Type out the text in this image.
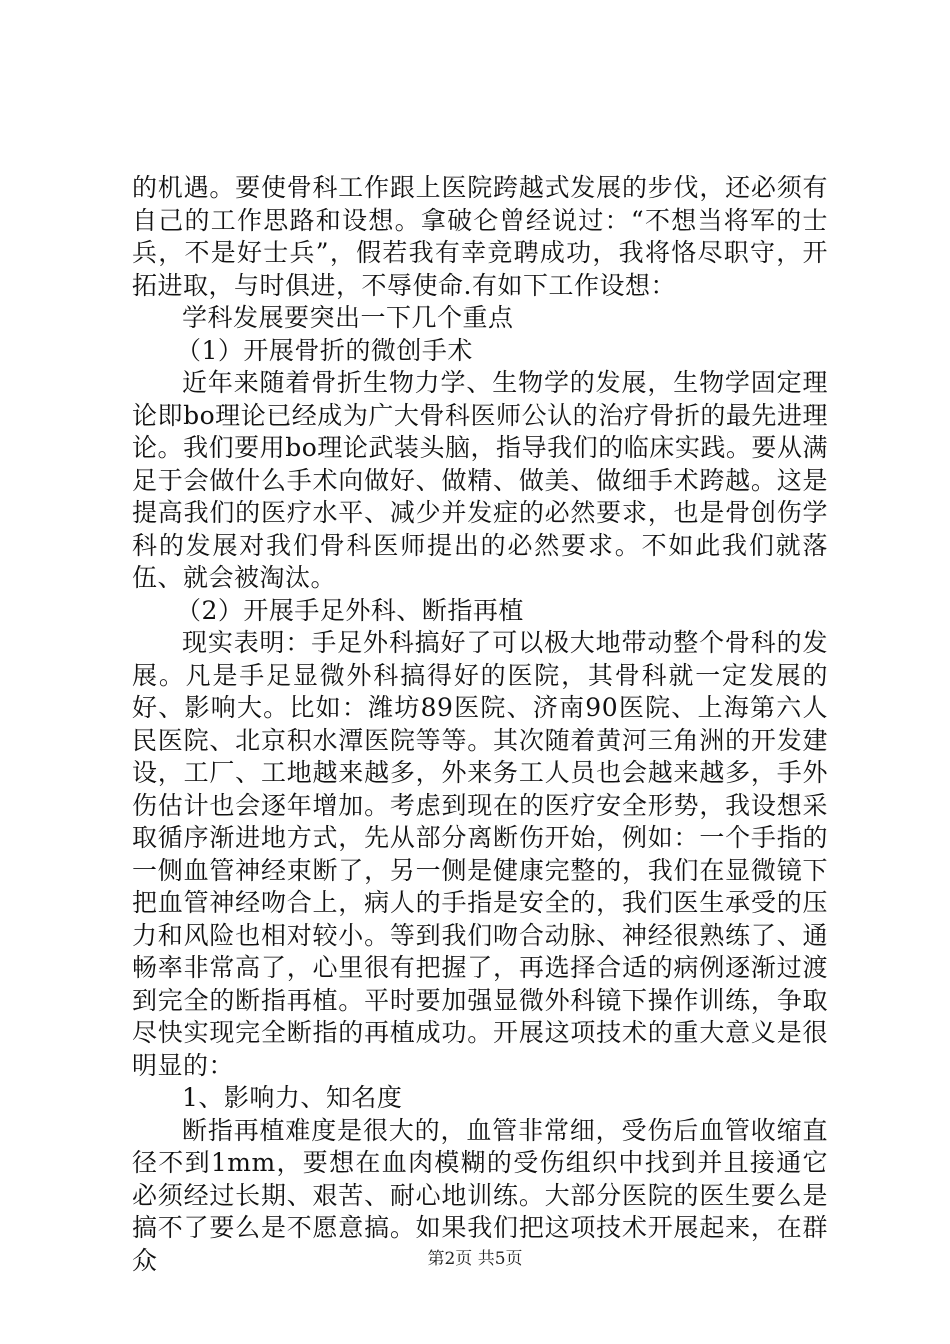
的机遇。要使骨科工作跟上医院跨越式发展的步伐，还必须有自己的工作思路和设想。拿破仑曾经说过：“不想当将军的士兵，不是好士兵”，假若我有幸竞聘成功，我将恪尽职守，开拓进取，与时俱进，不辱使命.有如下工作设想：

学科发展要突出一下几个重点

（1）开展骨折的微创手术

近年来随着骨折生物力学、生物学的发展，生物学固定理论即bo理论已经成为广大骨科医师公认的治疗骨折的最先进理论。我们要用bo理论武装头脑，指导我们的临床实践。要从满足于会做什么手术向做好、做精、做美、做细手术跨越。这是提高我们的医疗水平、减少并发症的必然要求，也是骨创伤学科的发展对我们骨科医师提出的必然要求。不如此我们就落伍、就会被淘汰。

（2）开展手足外科、断指再植

现实表明：手足外科搞好了可以极大地带动整个骨科的发展。凡是手足显微外科搞得好的医院，其骨科就一定发展的好、影响大。比如：潍坊89医院、济南90医院、上海第六人民医院、北京积水潭医院等等。其次随着黄河三角洲的开发建设，工厂、工地越来越多，外来务工人员也会越来越多，手外伤估计也会逐年增加。考虑到现在的医疗安全形势，我设想采取循序渐进地方式，先从部分离断伤开始，例如：一个手指的一侧血管神经束断了，另一侧是健康完整的，我们在显微镜下把血管神经吻合上，病人的手指是安全的，我们医生承受的压力和风险也相对较小。等到我们吻合动脉、神经很熟练了、通畅率非常高了，心里很有把握了，再选择合适的病例逐渐过渡到完全的断指再植。平时要加强显微外科镜下操作训练，争取尽快实现完全断指的再植成功。开展这项技术的重大意义是很明显的：

1、影响力、知名度

断指再植难度是很大的，血管非常细，受伤后血管收缩直径不到1mm，要想在血肉模糊的受伤组织中找到并且接通它必须经过长期、艰苦、耐心地训练。大部分医院的医生要么是搞不了要么是不愿意搞。如果我们把这项技术开展起来，在群众	第2页 共5页
